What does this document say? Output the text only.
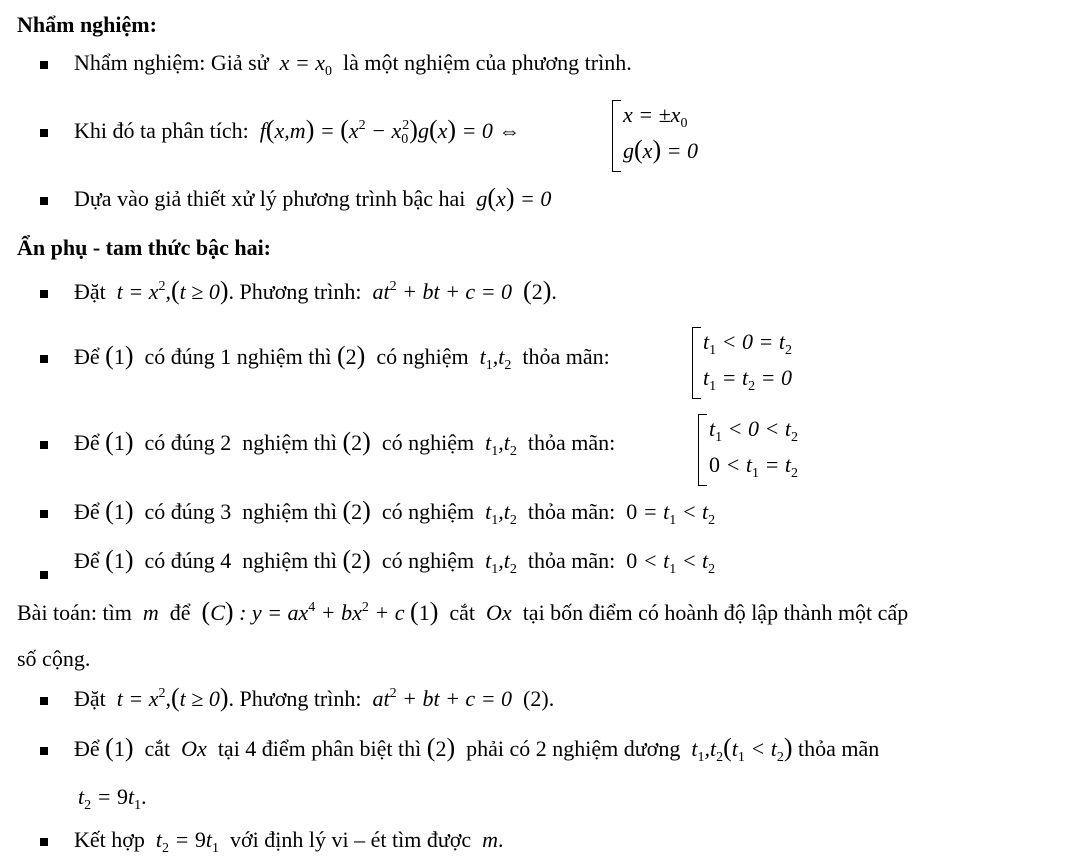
Nhẩm nghiệm:
Nhẩm nghiệm: Giả sử  $x = x_0$ là một nghiệm của phương trình.
Khi đó ta phân tích:  $f(x,m) = (x^2 - x_0^2)g(x) = 0$ ⇔
$x = \pm x_0$
g(x) = 0
Dựa vào giả thiết xử lý phương trình bậc hai  g(x) = 0
Ẩn phụ - tam thức bậc hai:
Đặt  $t = x^2,(t \ge 0)$. Phương trình:  $at^2$ + bt + c = 0  (2).
Để (1) có đúng 1 nghiệm thì (2) có nghiệm  $t_1,t_2$ thỏa mãn:
$t_1 < 0 = t_2$
$t_1 = t_2 = 0$
Để (1) có đúng 2 nghiệm thì (2) có nghiệm  $t_1,t_2$ thỏa mãn:
$t_1 < 0 < t_2$
$0 < t_1 = t_2$
Để (1) có đúng 3 nghiệm thì (2) có nghiệm  $t_1,t_2$ thỏa mãn: $0 = t_1 < t_2$
Để (1) có đúng 4 nghiệm thì (2) có nghiệm  $t_1,t_2$ thỏa mãn: $0 < t_1 < t_2$
Bài toán: tìm  m  để (C) : $y = ax^4 + bx^2 + c$ (1) cắt  Ox  tại bốn điểm có hoành độ lập thành một cấp
số cộng.
Đặt  $t = x^2,(t \ge 0)$. Phương trình:  $at^2$ + bt + c = 0  (2).
Để (1) cắt  Ox  tại 4 điểm phân biệt thì (2) phải có 2 nghiệm dương  $t_1,t_2(t_1 < t_2)$ thỏa mãn
$t_2 = 9t_1$.
Kết hợp  $t_2 = 9t_1$ với định lý vi – ét tìm được  m.
